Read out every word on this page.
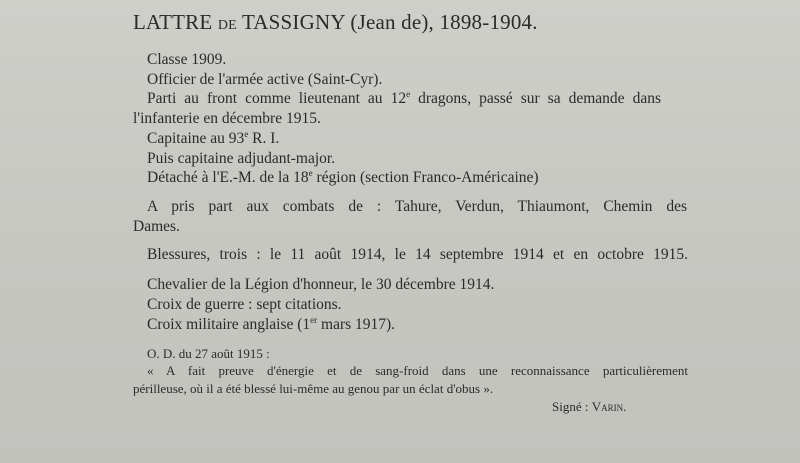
LATTRE DE TASSIGNY (Jean de), 1898-1904.
Classe 1909.
Officier de l'armée active (Saint-Cyr).
Parti au front comme lieutenant au 12e dragons, passé sur sa demande dans
l'infanterie en décembre 1915.
Capitaine au 93e R. I.
Puis capitaine adjudant-major.
Détaché à l'E.-M. de la 18e région (section Franco-Américaine)
A pris part aux combats de : Tahure, Verdun, Thiaumont, Chemin des
Dames.
Blessures, trois : le 11 août 1914, le 14 septembre 1914 et en octobre 1915.
Chevalier de la Légion d'honneur, le 30 décembre 1914.
Croix de guerre : sept citations.
Croix militaire anglaise (1er mars 1917).
O. D. du 27 août 1915 :
« A fait preuve d'énergie et de sang-froid dans une reconnaissance particulièrement
périlleuse, où il a été blessé lui-même au genou par un éclat d'obus ».
Signé : Varin.
